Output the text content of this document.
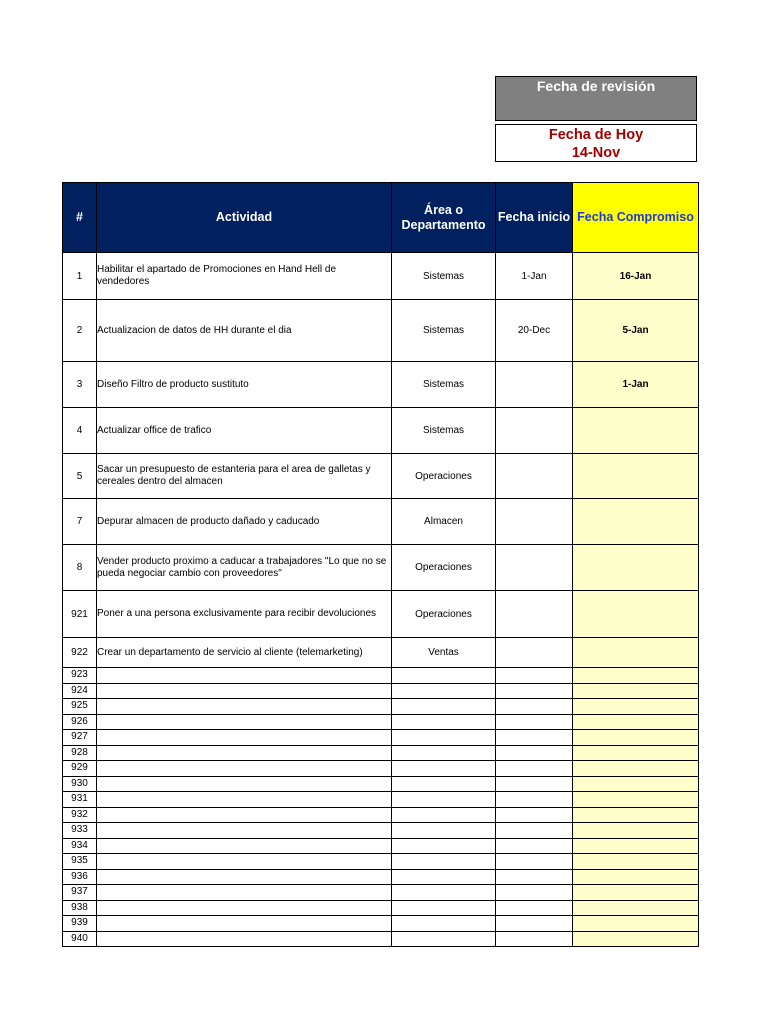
Fecha de revisión
Fecha de Hoy
14-Nov
#	Actividad	Área o Departamento	Fecha inicio	Fecha Compromiso
1	Habilitar el apartado de Promociones en Hand Hell de vendedores	Sistemas	1-Jan	16-Jan
2	Actualizacion de datos de HH durante el dia	Sistemas	20-Dec	5-Jan
3	Diseño Filtro de producto sustituto	Sistemas		1-Jan
4	Actualizar office de trafico	Sistemas		
5	Sacar un presupuesto de estanteria para el area de galletas y cereales dentro del almacen	Operaciones		
7	Depurar almacen de producto dañado y caducado	Almacen		
8	Vender producto proximo a caducar a trabajadores "Lo que no se pueda negociar cambio con proveedores"	Operaciones		
921	Poner a una persona exclusivamente para recibir devoluciones	Operaciones		
922	Crear un departamento de servicio al cliente (telemarketing)	Ventas		
923				
924				
925				
926				
927				
928				
929				
930				
931				
932				
933				
934				
935				
936				
937				
938				
939				
940				
